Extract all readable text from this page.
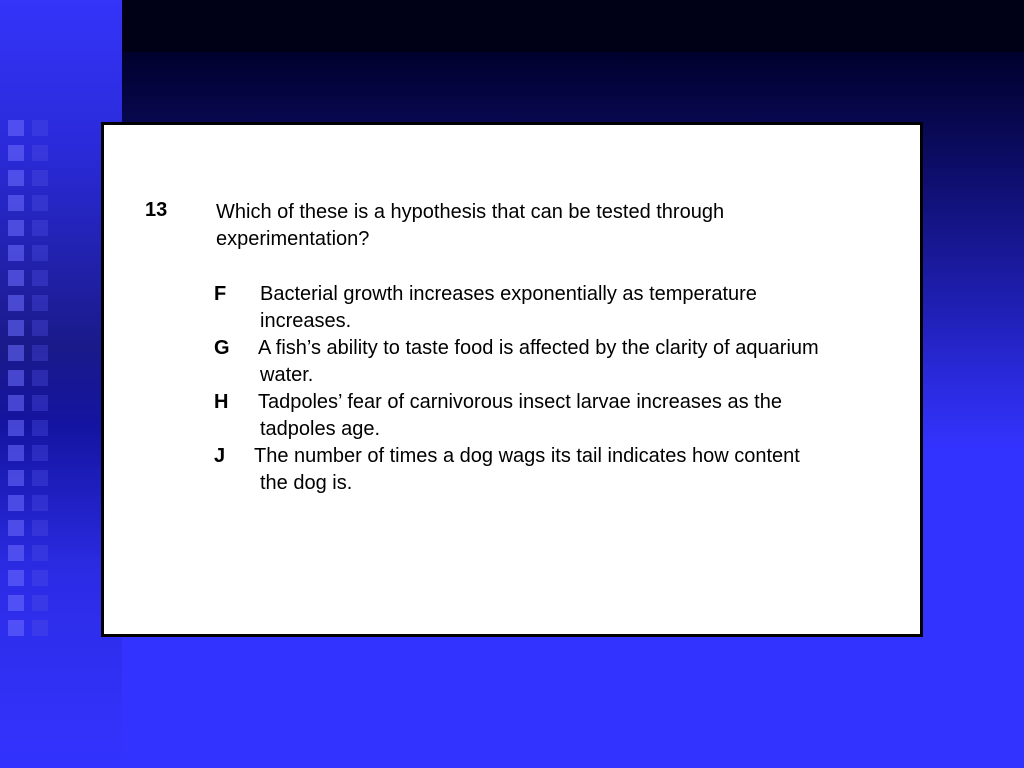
13 Which of these is a hypothesis that can be tested through experimentation?
F Bacterial growth increases exponentially as temperature
increases.

G A fish’s ability to taste food is affected by the clarity of aquarium
water.

H Tadpoles’ fear of carnivorous insect larvae increases as the
tadpoles age.

J The number of times a dog wags its tail indicates how content
the dog is.
